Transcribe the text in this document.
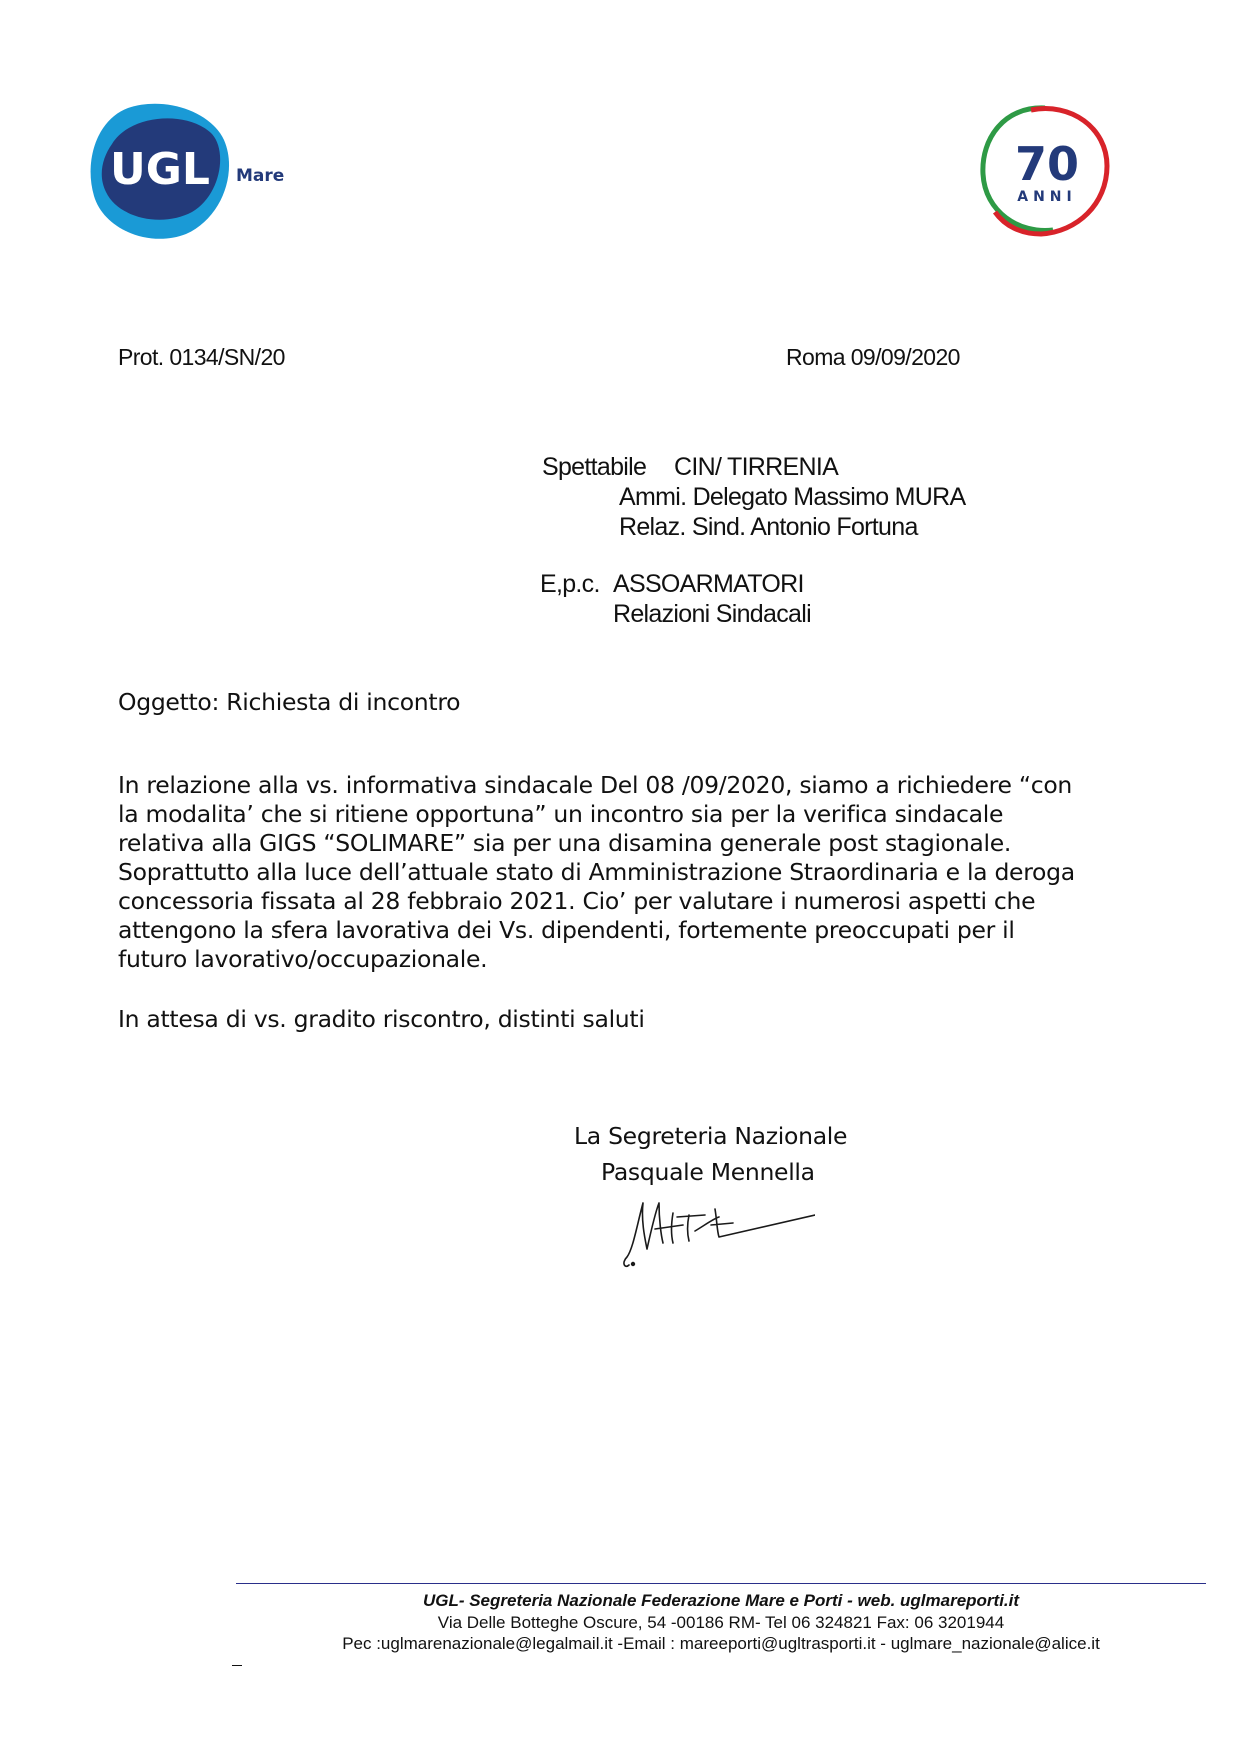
UGL Mare	70
ANNI
Prot. 0134/SN/20	Roma 09/09/2020
Spettabile CIN/ TIRRENIA
Ammi. Delegato Massimo MURA
Relaz. Sind. Antonio Fortuna
E,p.c. ASSOARMATORI
Relazioni Sindacali
Oggetto: Richiesta di incontro
In relazione alla vs. informativa sindacale Del 08 /09/2020, siamo a richiedere “con
la modalita’ che si ritiene opportuna” un incontro sia per la verifica sindacale
relativa alla GIGS “SOLIMARE” sia per una disamina generale post stagionale.
Soprattutto alla luce dell’attuale stato di Amministrazione Straordinaria e la deroga
concessoria fissata al 28 febbraio 2021. Cio’ per valutare i numerosi aspetti che
attengono la sfera lavorativa dei Vs. dipendenti, fortemente preoccupati per il
futuro lavorativo/occupazionale.
In attesa di vs. gradito riscontro, distinti saluti
La Segreteria Nazionale
Pasquale Mennella
UGL- Segreteria Nazionale Federazione Mare e Porti - web. uglmareporti.it
Via Delle Botteghe Oscure, 54 -00186 RM- Tel 06 324821 Fax: 06 3201944
Pec :uglmarenazionale@legalmail.it -Email : mareeporti@ugltrasporti.it - uglmare_nazionale@alice.it
